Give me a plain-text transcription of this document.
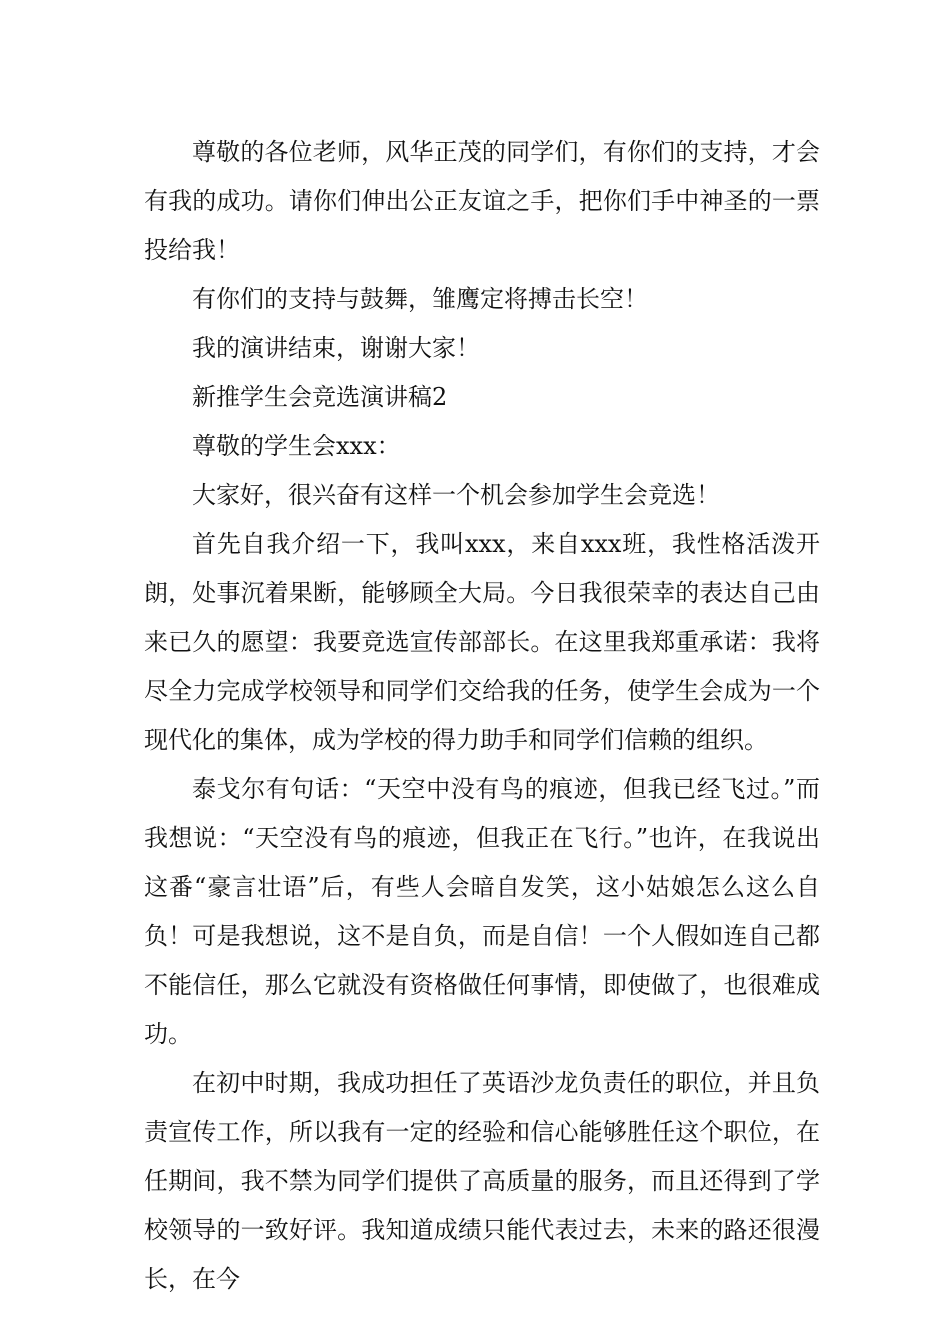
尊敬的各位老师，风华正茂的同学们，有你们的支持，才会有我的成功。请你们伸出公正友谊之手，把你们手中神圣的一票投给我！

有你们的支持与鼓舞，雏鹰定将搏击长空！

我的演讲结束，谢谢大家！

新推学生会竞选演讲稿2

尊敬的学生会xxx：

大家好，很兴奋有这样一个机会参加学生会竞选！

首先自我介绍一下，我叫xxx，来自xxx班，我性格活泼开朗，处事沉着果断，能够顾全大局。今日我很荣幸的表达自己由来已久的愿望：我要竞选宣传部部长。在这里我郑重承诺：我将尽全力完成学校领导和同学们交给我的任务，使学生会成为一个现代化的集体，成为学校的得力助手和同学们信赖的组织。

泰戈尔有句话：“天空中没有鸟的痕迹，但我已经飞过。”而我想说：“天空没有鸟的痕迹，但我正在飞行。”也许，在我说出这番“豪言壮语”后，有些人会暗自发笑，这小姑娘怎么这么自负！可是我想说，这不是自负，而是自信！一个人假如连自己都不能信任，那么它就没有资格做任何事情，即使做了，也很难成功。

在初中时期，我成功担任了英语沙龙负责任的职位，并且负责宣传工作，所以我有一定的经验和信心能够胜任这个职位，在任期间，我不禁为同学们提供了高质量的服务，而且还得到了学校领导的一致好评。我知道成绩只能代表过去，未来的路还很漫长，在今
